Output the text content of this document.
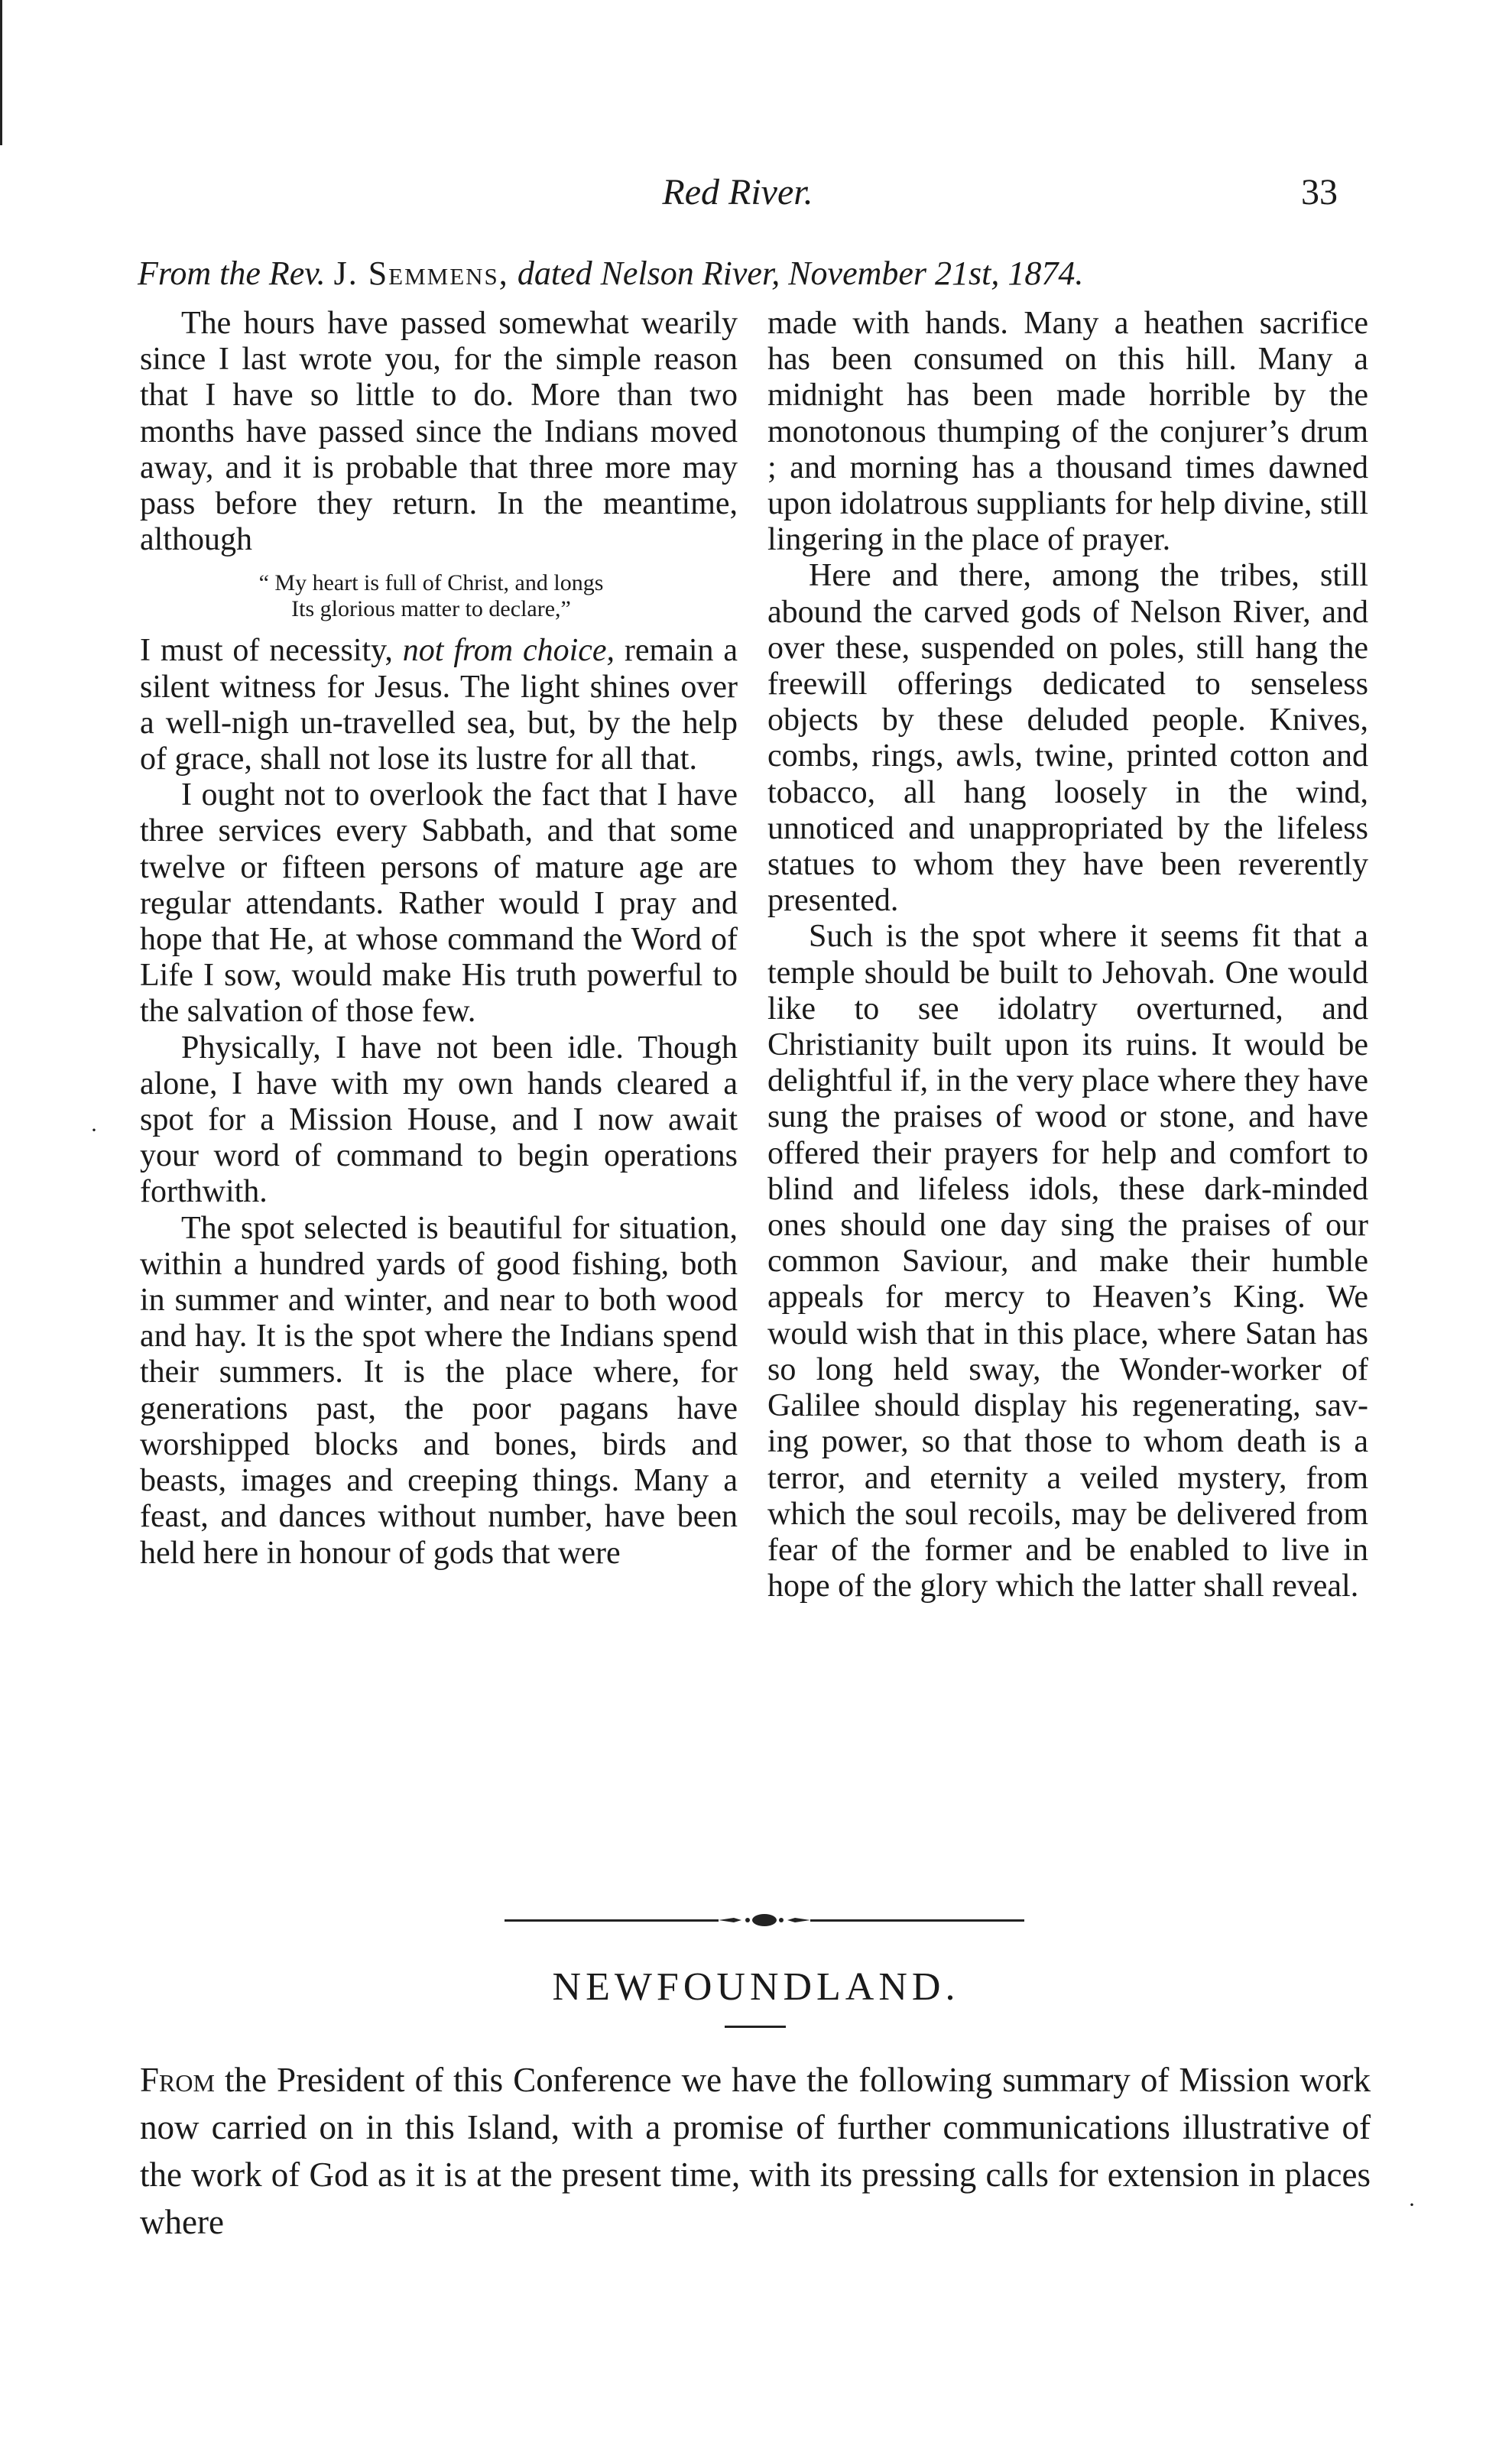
Red River.	33
From the Rev. J. Semmens, dated Nelson River, November 21st, 1874.

The hours have passed somewhat wearily since I last wrote you, for the simple reason that I have so little to do. More than two months have passed since the Indians moved away, and it is probable that three more may pass before they return. In the meantime, although

“ My heart is full of Christ, and longs
Its glorious matter to declare,”

I must of necessity, not from choice, remain a silent witness for Jesus. The light shines over a well-nigh un-travelled sea, but, by the help of grace, shall not lose its lustre for all that.

I ought not to overlook the fact that I have three services every Sabbath, and that some twelve or fifteen persons of mature age are regular attendants. Rather would I pray and hope that He, at whose command the Word of Life I sow, would make His truth powerful to the salvation of those few.

Physically, I have not been idle. Though alone, I have with my own hands cleared a spot for a Mission House, and I now await your word of command to begin operations forthwith.

The spot selected is beautiful for situation, within a hundred yards of good fishing, both in summer and winter, and near to both wood and hay. It is the spot where the Indians spend their summers. It is the place where, for generations past, the poor pagans have worshipped blocks and bones, birds and beasts, images and creeping things. Many a feast, and dances without number, have been held here in honour of gods that were

made with hands. Many a heathen sacrifice has been consumed on this hill. Many a midnight has been made horrible by the monotonous thumping of the conjurer’s drum ; and morning has a thousand times dawned upon idolatrous suppliants for help divine, still lingering in the place of prayer.

Here and there, among the tribes, still abound the carved gods of Nelson River, and over these, suspended on poles, still hang the freewill offerings dedicated to senseless objects by these deluded people. Knives, combs, rings, awls, twine, printed cotton and tobacco, all hang loosely in the wind, unnoticed and unappropriated by the lifeless statues to whom they have been reverently presented.

Such is the spot where it seems fit that a temple should be built to Jehovah. One would like to see idolatry overturned, and Christianity built upon its ruins. It would be delightful if, in the very place where they have sung the praises of wood or stone, and have offered their prayers for help and comfort to blind and lifeless idols, these dark-minded ones should one day sing the praises of our common Saviour, and make their humble appeals for mercy to Heaven’s King. We would wish that in this place, where Satan has so long held sway, the Wonder-worker of Galilee should display his regenerating, saving power, so that those to whom death is a terror, and eternity a veiled mystery, from which the soul recoils, may be delivered from fear of the former and be enabled to live in hope of the glory which the latter shall reveal.

NEWFOUNDLAND.
From the President of this Conference we have the following summary of Mission work now carried on in this Island, with a promise of further communications illustrative of the work of God as it is at the present time, with its pressing calls for extension in places where	·
·
